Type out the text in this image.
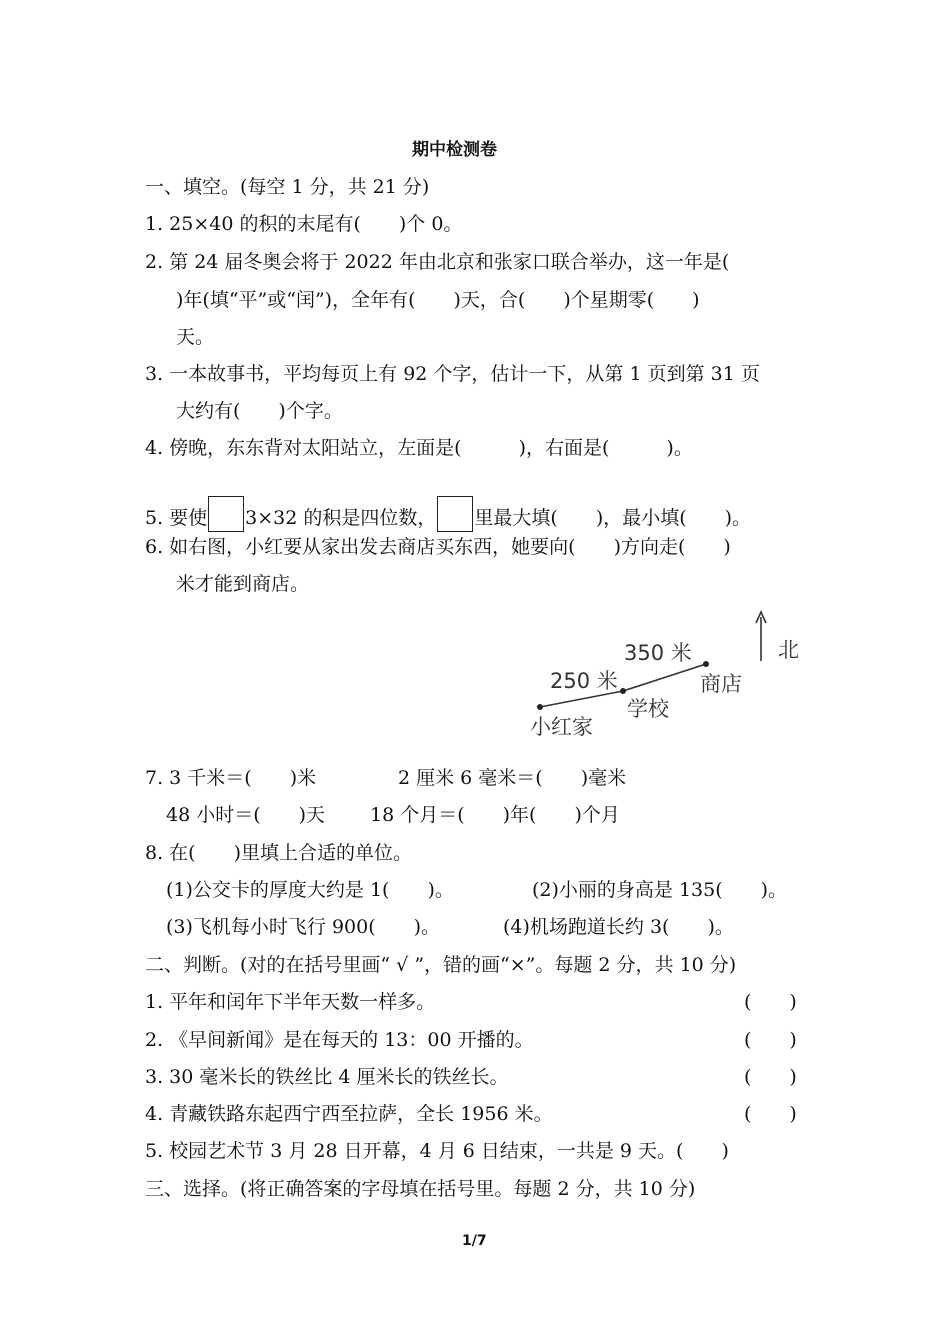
期中检测卷
一、填空。(每空 1 分，共 21 分)
1. 25×40 的积的末尾有(　　)个 0。
2. 第 24 届冬奥会将于 2022 年由北京和张家口联合举办，这一年是(
)年(填“平”或“闰”)，全年有(　　)天，合(　　)个星期零(　　)
天。
3. 一本故事书，平均每页上有 92 个字，估计一下，从第 1 页到第 31 页
大约有(　　)个字。
4. 傍晚，东东背对太阳站立，左面是(　　　)，右面是(　　　)。
5. 要使 3×32 的积是四位数， 里最大填(　　)，最小填(　　)。
6. 如右图，小红要从家出发去商店买东西，她要向(　　)方向走(　　)
米才能到商店。
北
250 米
350 米
小红家
学校
商店
7. 3 千米＝(　　)米	2 厘米 6 毫米＝(　　)毫米
48 小时＝(　　)天 18 个月＝(　　)年(　　)个月
8. 在(　　)里填上合适的单位。
(1)公交卡的厚度大约是 1(　　)。	(2)小丽的身高是 135(　　)。
(3)飞机每小时飞行 900(　　)。	(4)机场跑道长约 3(　　)。
二、判断。(对的在括号里画“ √ ”，错的画“×”。每题 2 分，共 10 分)
1. 平年和闰年下半年天数一样多。	(　　)
2. 《早间新闻》是在每天的 13：00 开播的。	(　　)
3. 30 毫米长的铁丝比 4 厘米长的铁丝长。	(　　)
4. 青藏铁路东起西宁西至拉萨，全长 1956 米。	(　　)
5. 校园艺术节 3 月 28 日开幕，4 月 6 日结束，一共是 9 天。(　　)
三、选择。(将正确答案的字母填在括号里。每题 2 分，共 10 分)
1/7
